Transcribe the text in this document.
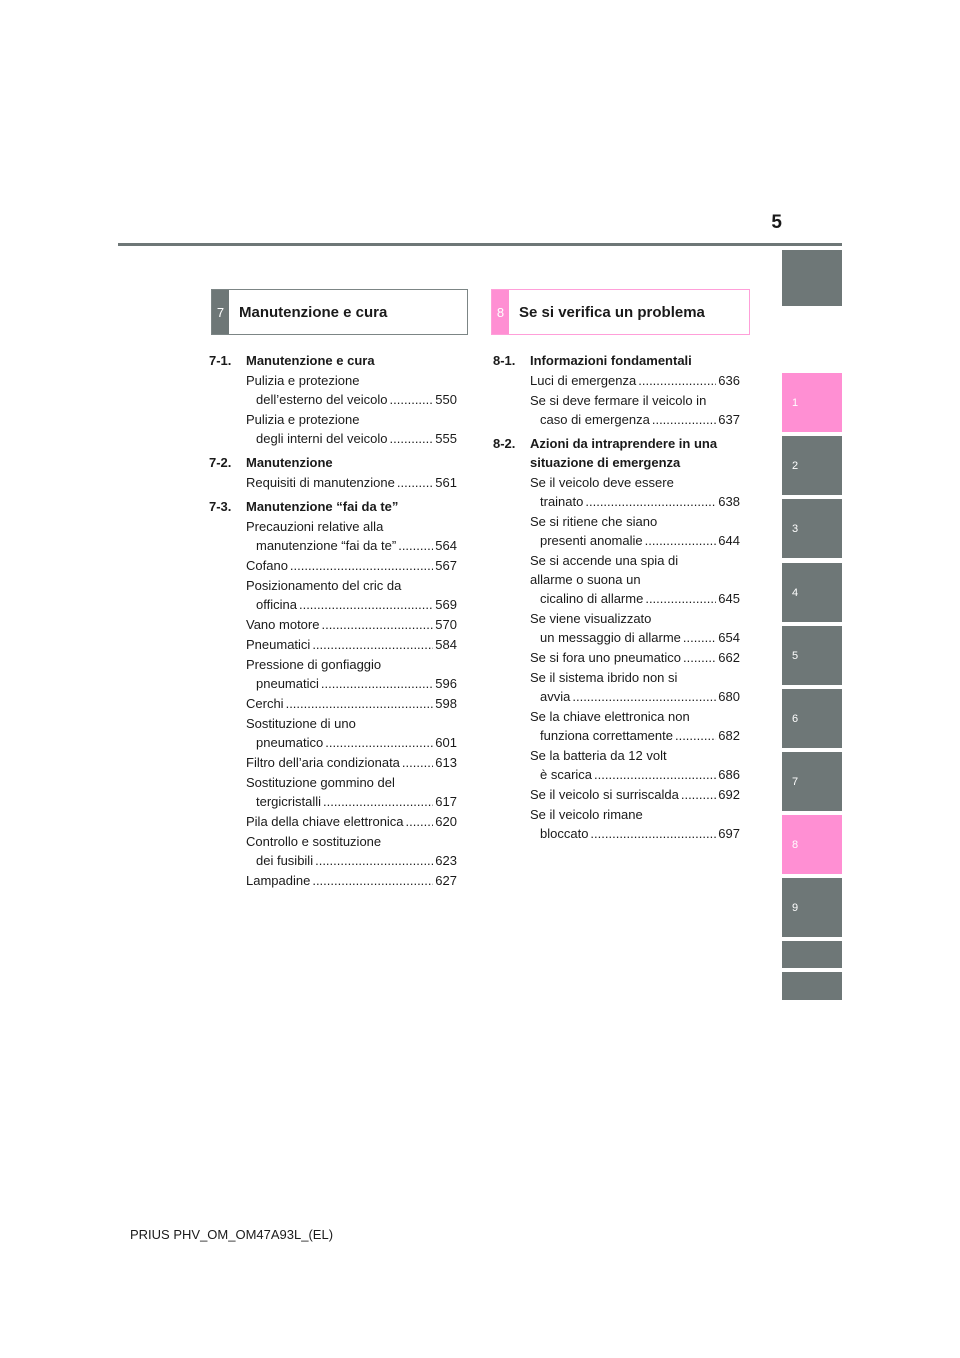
5
1
2
3
4
5
6
7
8
9
7 Manutenzione e cura	8 Se si verifica un problema
7-1. Manutenzione e cura
Pulizia e protezione
dell’esterno del veicolo .....	550
Pulizia e protezione
degli interni del veicolo .....	555
7-2. Manutenzione
Requisiti di manutenzione .....	561
7-3. Manutenzione “fai da te”
Precauzioni relative alla
manutenzione “fai da te” .....	564
Cofano .....	567
Posizionamento del cric da
officina .....	569
Vano motore .....	570
Pneumatici .....	584
Pressione di gonfiaggio
pneumatici .....	596
Cerchi .....	598
Sostituzione di uno
pneumatico .....	601
Filtro dell’aria condizionata .....	613
Sostituzione gommino del
tergicristalli .....	617
Pila della chiave elettronica ..... 620
Controllo e sostituzione
dei fusibili .....	623
Lampadine .....	627
8-1. Informazioni fondamentali
Luci di emergenza .....	636
Se si deve fermare il veicolo in
caso di emergenza .....	637
8-2. Azioni da intraprendere in una situazione di emergenza
Se il veicolo deve essere
trainato .....	638
Se si ritiene che siano
presenti anomalie .....	644
Se si accende una spia di
allarme o suona un
cicalino di allarme .....	645
Se viene visualizzato
un messaggio di allarme .....	654
Se si fora uno pneumatico .....	662
Se il sistema ibrido non si
avvia .....	680
Se la chiave elettronica non
funziona correttamente .....	682
Se la batteria da 12 volt
è scarica .....	686
Se il veicolo si surriscalda .....	692
Se il veicolo rimane
bloccato .....	697
PRIUS PHV_OM_OM47A93L_(EL)
